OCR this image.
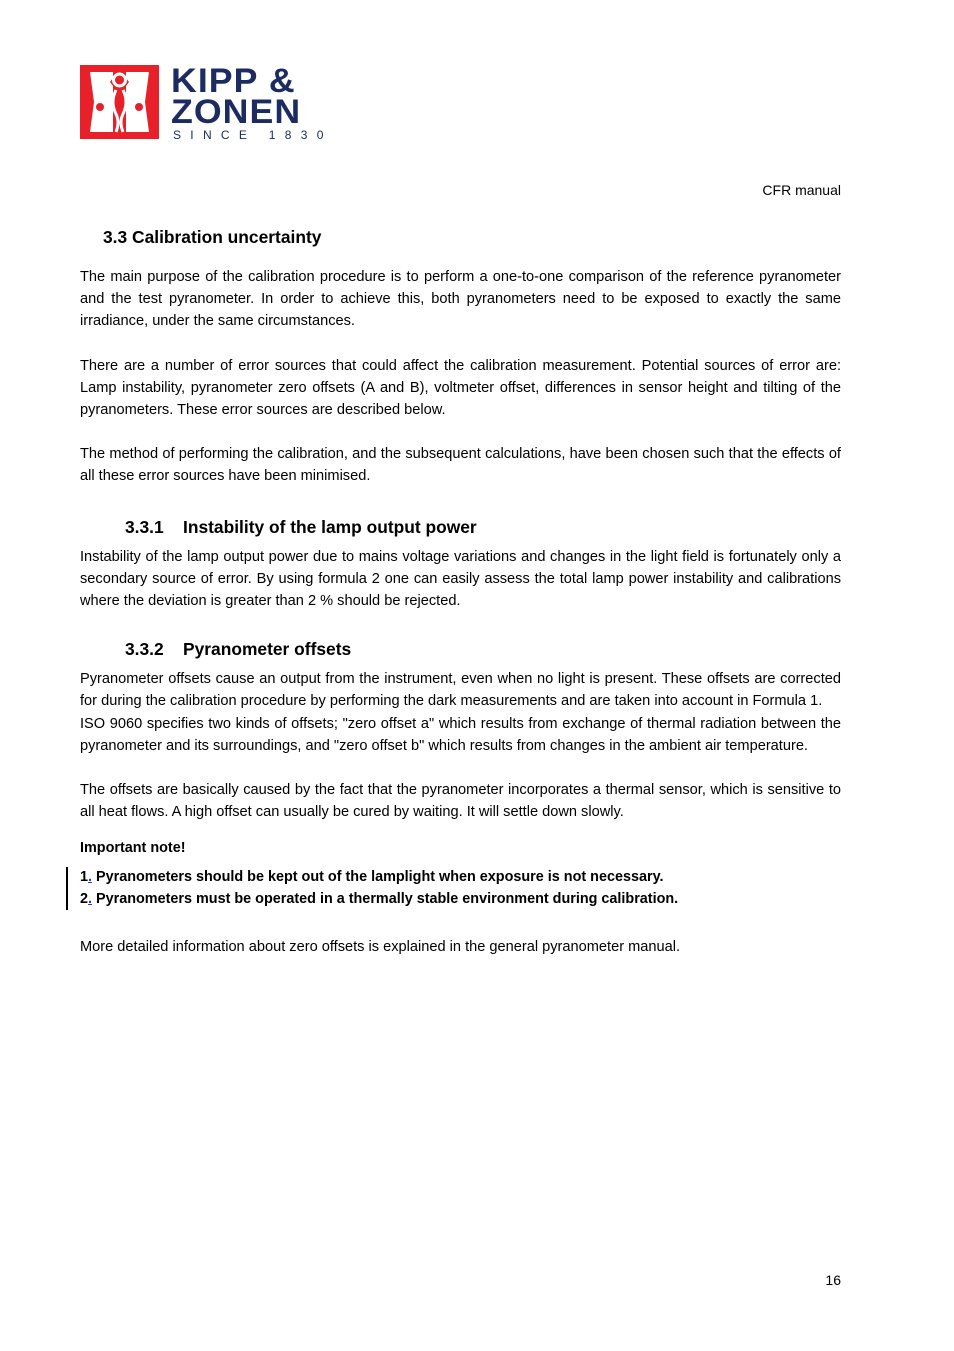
KIPP &
ZONEN
SINCE 1830
CFR manual
3.3 Calibration uncertainty

The main purpose of the calibration procedure is to perform a one-to-one comparison of the reference pyranometer and the test pyranometer. In order to achieve this, both pyranometers need to be exposed to exactly the same irradiance, under the same circumstances.

There are a number of error sources that could affect the calibration measurement. Potential sources of error are: Lamp instability, pyranometer zero offsets (A and B), voltmeter offset, differences in sensor height and tilting of the pyranometers. These error sources are described below.

The method of performing the calibration, and the subsequent calculations, have been chosen such that the effects of all these error sources have been minimised.

3.3.1 Instability of the lamp output power

Instability of the lamp output power due to mains voltage variations and changes in the light field is fortunately only a secondary source of error. By using formula 2 one can easily assess the total lamp power instability and calibrations where the deviation is greater than 2 % should be rejected.

3.3.2 Pyranometer offsets

Pyranometer offsets cause an output from the instrument, even when no light is present. These offsets are corrected for during the calibration procedure by performing the dark measurements and are taken into account in Formula 1.

ISO 9060 specifies two kinds of offsets; "zero offset a" which results from exchange of thermal radiation between the pyranometer and its surroundings, and "zero offset b" which results from changes in the ambient air temperature.

The offsets are basically caused by the fact that the pyranometer incorporates a thermal sensor, which is sensitive to all heat flows. A high offset can usually be cured by waiting. It will settle down slowly.

Important note!
1. Pyranometers should be kept out of the lamplight when exposure is not necessary.
2. Pyranometers must be operated in a thermally stable environment during calibration.

More detailed information about zero offsets is explained in the general pyranometer manual.

16
